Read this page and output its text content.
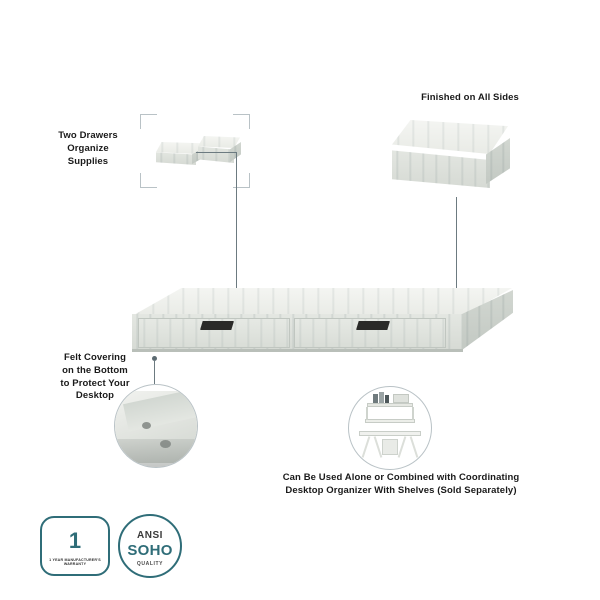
Finished on All Sides
Two Drawers
Organize
Supplies
Felt Covering
on the Bottom
to Protect Your
Desktop
Can Be Used Alone or Combined with Coordinating
Desktop Organizer With Shelves (Sold Separately)
1
1 YEAR MANUFACTURER'S
WARRANTY
ANSI
SOHO
QUALITY
